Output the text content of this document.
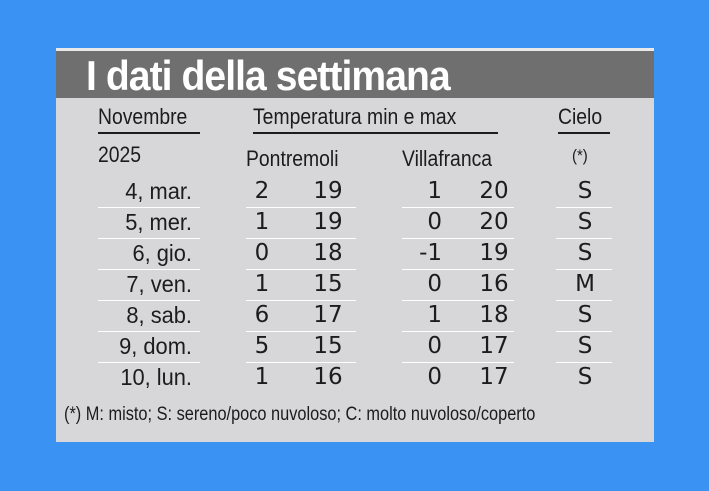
I dati della settimana
Novembre	Temperatura min e max	Cielo
2025	Pontremoli	Villafranca	(*)
4, mar.	2	19	1	20	S
5, mer.	1	19	0	20	S
6, gio.	0	18	-1	19	S
7, ven.	1	15	0	16	M
8, sab.	6	17	1	18	S
9, dom.	5	15	0	17	S
10, lun.	1	16	0	17	S
(*) M: misto; S: sereno/poco nuvoloso; C: molto nuvoloso/coperto
